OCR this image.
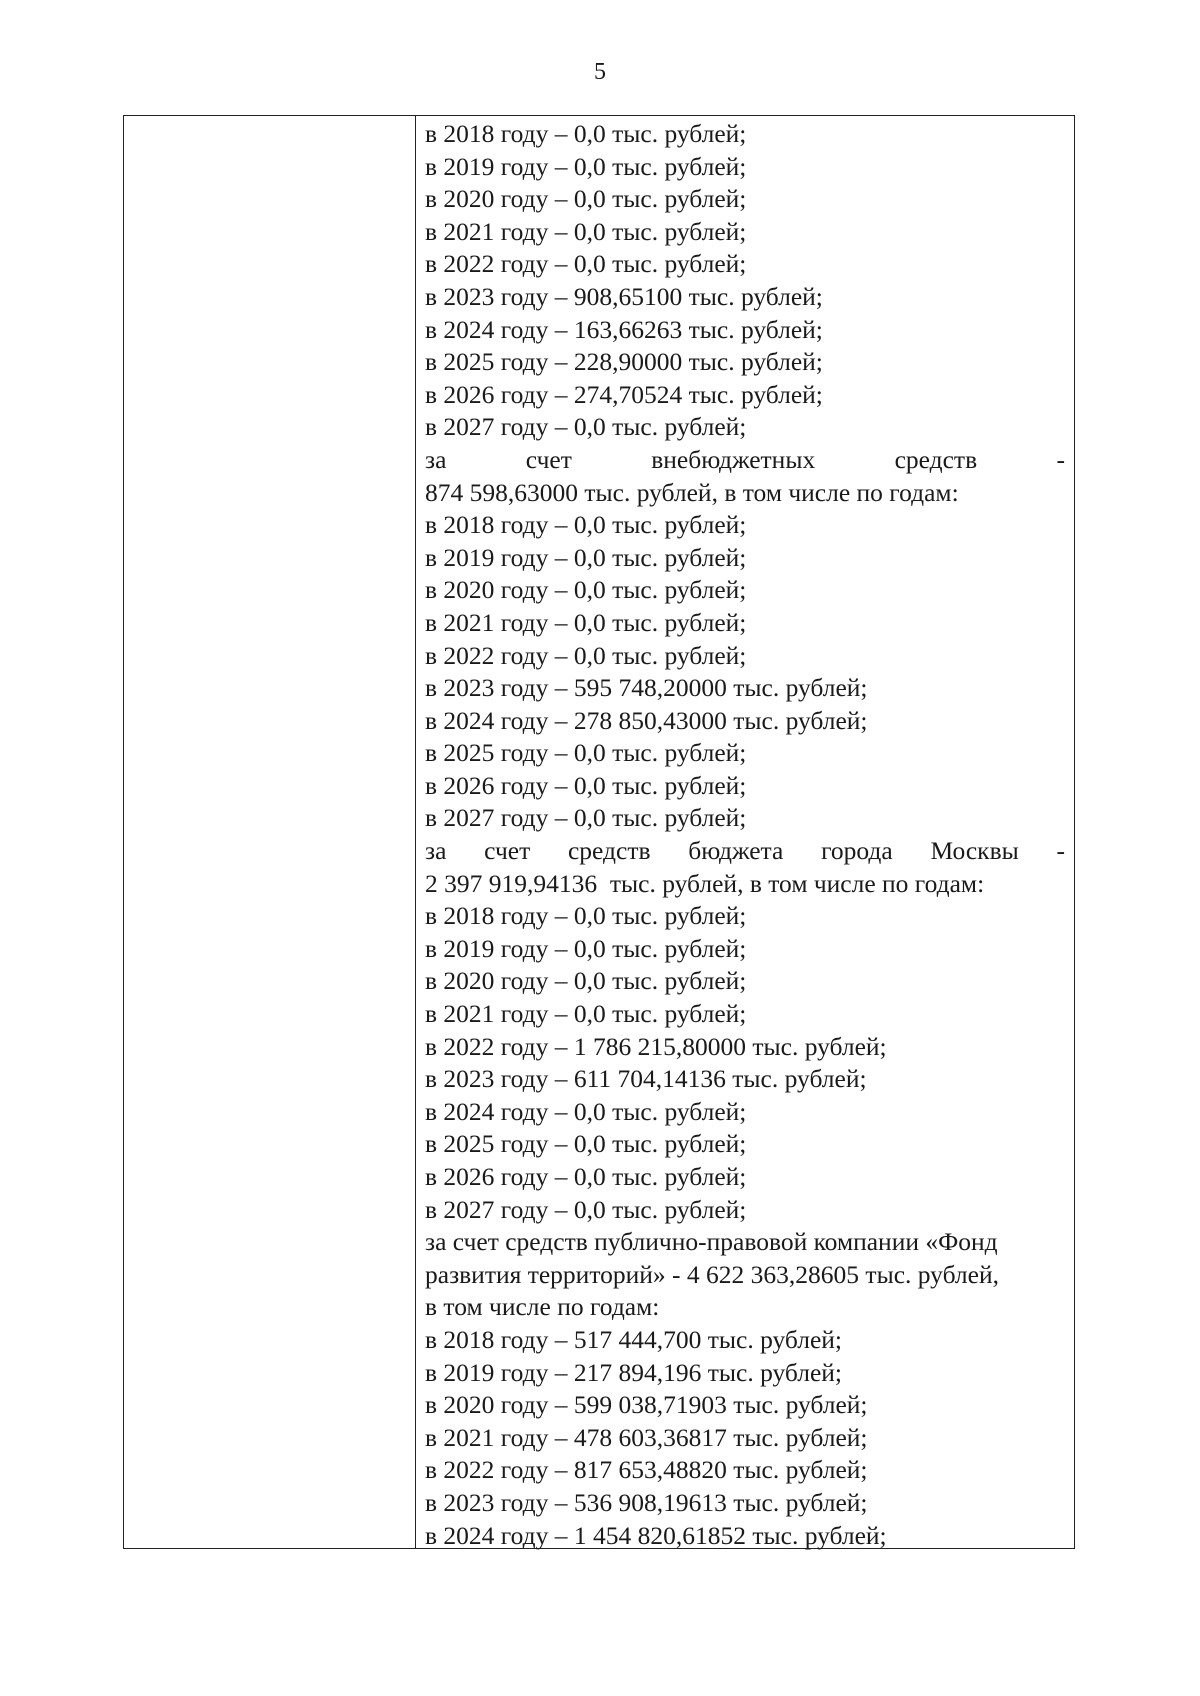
5
в 2018 году – 0,0 тыс. рублей;
в 2019 году – 0,0 тыс. рублей;
в 2020 году – 0,0 тыс. рублей;
в 2021 году – 0,0 тыс. рублей;
в 2022 году – 0,0 тыс. рублей;
в 2023 году – 908,65100 тыс. рублей;
в 2024 году – 163,66263 тыс. рублей;
в 2025 году – 228,90000 тыс. рублей;
в 2026 году – 274,70524 тыс. рублей;
в 2027 году – 0,0 тыс. рублей;
за	счет	внебюджетных	средств	-
874 598,63000 тыс. рублей, в том числе по годам:
в 2018 году – 0,0 тыс. рублей;
в 2019 году – 0,0 тыс. рублей;
в 2020 году – 0,0 тыс. рублей;
в 2021 году – 0,0 тыс. рублей;
в 2022 году – 0,0 тыс. рублей;
в 2023 году – 595 748,20000 тыс. рублей;
в 2024 году – 278 850,43000 тыс. рублей;
в 2025 году – 0,0 тыс. рублей;
в 2026 году – 0,0 тыс. рублей;
в 2027 году – 0,0 тыс. рублей;
за счет средств бюджета города Москвы -
2 397 919,94136  тыс. рублей, в том числе по годам:
в 2018 году – 0,0 тыс. рублей;
в 2019 году – 0,0 тыс. рублей;
в 2020 году – 0,0 тыс. рублей;
в 2021 году – 0,0 тыс. рублей;
в 2022 году – 1 786 215,80000 тыс. рублей;
в 2023 году – 611 704,14136 тыс. рублей;
в 2024 году – 0,0 тыс. рублей;
в 2025 году – 0,0 тыс. рублей;
в 2026 году – 0,0 тыс. рублей;
в 2027 году – 0,0 тыс. рублей;
за счет средств публично-правовой компании «Фонд
развития территорий» - 4 622 363,28605 тыс. рублей,
в том числе по годам:
в 2018 году – 517 444,700 тыс. рублей;
в 2019 году – 217 894,196 тыс. рублей;
в 2020 году – 599 038,71903 тыс. рублей;
в 2021 году – 478 603,36817 тыс. рублей;
в 2022 году – 817 653,48820 тыс. рублей;
в 2023 году – 536 908,19613 тыс. рублей;
в 2024 году – 1 454 820,61852 тыс. рублей;
